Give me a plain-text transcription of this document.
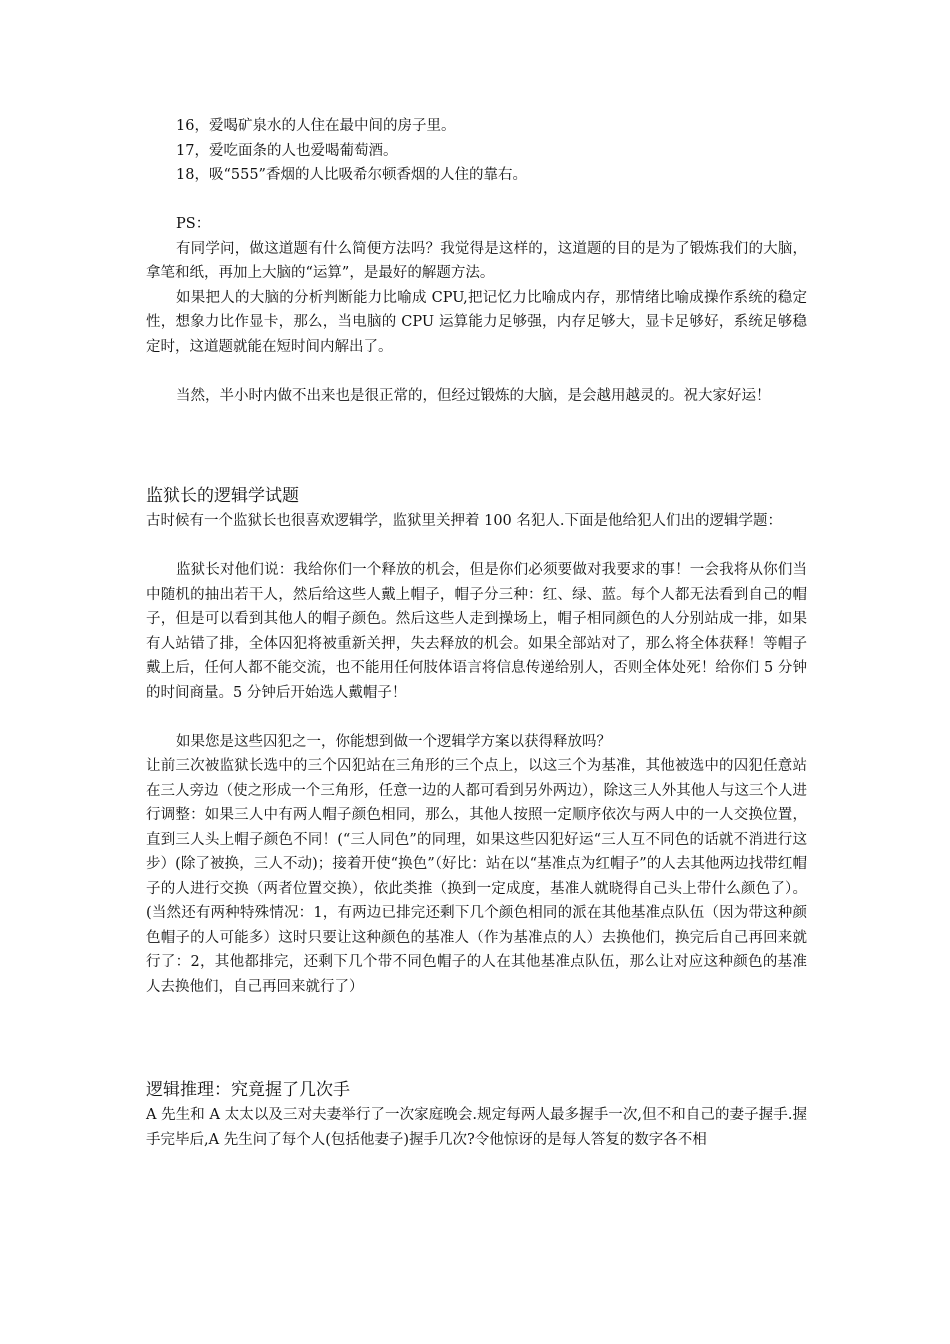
16，爱喝矿泉水的人住在最中间的房子里。

17，爱吃面条的人也爱喝葡萄酒。

18，吸“555”香烟的人比吸希尔顿香烟的人住的靠右。

PS：

有同学问，做这道题有什么简便方法吗？我觉得是这样的，这道题的目的是为了锻炼我们的大脑，拿笔和纸，再加上大脑的“运算”，是最好的解题方法。

如果把人的大脑的分析判断能力比喻成 CPU,把记忆力比喻成内存，那情绪比喻成操作系统的稳定性，想象力比作显卡，那么，当电脑的 CPU 运算能力足够强，内存足够大，显卡足够好，系统足够稳定时，这道题就能在短时间内解出了。

当然，半小时内做不出来也是很正常的，但经过锻炼的大脑，是会越用越灵的。祝大家好运！

监狱长的逻辑学试题

古时候有一个监狱长也很喜欢逻辑学，监狱里关押着 100 名犯人.下面是他给犯人们出的逻辑学题：

监狱长对他们说：我给你们一个释放的机会，但是你们必须要做对我要求的事！一会我将从你们当中随机的抽出若干人，然后给这些人戴上帽子，帽子分三种：红、绿、蓝。每个人都无法看到自己的帽子，但是可以看到其他人的帽子颜色。然后这些人走到操场上，帽子相同颜色的人分别站成一排，如果有人站错了排，全体囚犯将被重新关押，失去释放的机会。如果全部站对了，那么将全体获释！等帽子戴上后，任何人都不能交流，也不能用任何肢体语言将信息传递给别人，否则全体处死！给你们 5 分钟的时间商量。5 分钟后开始选人戴帽子！

如果您是这些囚犯之一，你能想到做一个逻辑学方案以获得释放吗？

让前三次被监狱长选中的三个囚犯站在三角形的三个点上，以这三个为基准，其他被选中的囚犯任意站在三人旁边（使之形成一个三角形，任意一边的人都可看到另外两边），除这三人外其他人与这三个人进行调整：如果三人中有两人帽子颜色相同，那么，其他人按照一定顺序依次与两人中的一人交换位置，直到三人头上帽子颜色不同！(“三人同色”的同理，如果这些囚犯好运“三人互不同色的话就不消进行这步）(除了被换，三人不动)；接着开使“换色”（好比：站在以“基准点为红帽子”的人去其他两边找带红帽子的人进行交换（两者位置交换），依此类推（换到一定成度，基准人就晓得自己头上带什么颜色了）。(当然还有两种特殊情况：1，有两边已排完还剩下几个颜色相同的派在其他基准点队伍（因为带这种颜色帽子的人可能多）这时只要让这种颜色的基准人（作为基准点的人）去换他们，换完后自己再回来就行了：2，其他都排完，还剩下几个带不同色帽子的人在其他基准点队伍，那么让对应这种颜色的基准人去换他们，自己再回来就行了）

逻辑推理：究竟握了几次手

A 先生和 A 太太以及三对夫妻举行了一次家庭晚会.规定每两人最多握手一次,但不和自己的妻子握手.握手完毕后,A 先生问了每个人(包括他妻子)握手几次?令他惊讶的是每人答复的数字各不相
